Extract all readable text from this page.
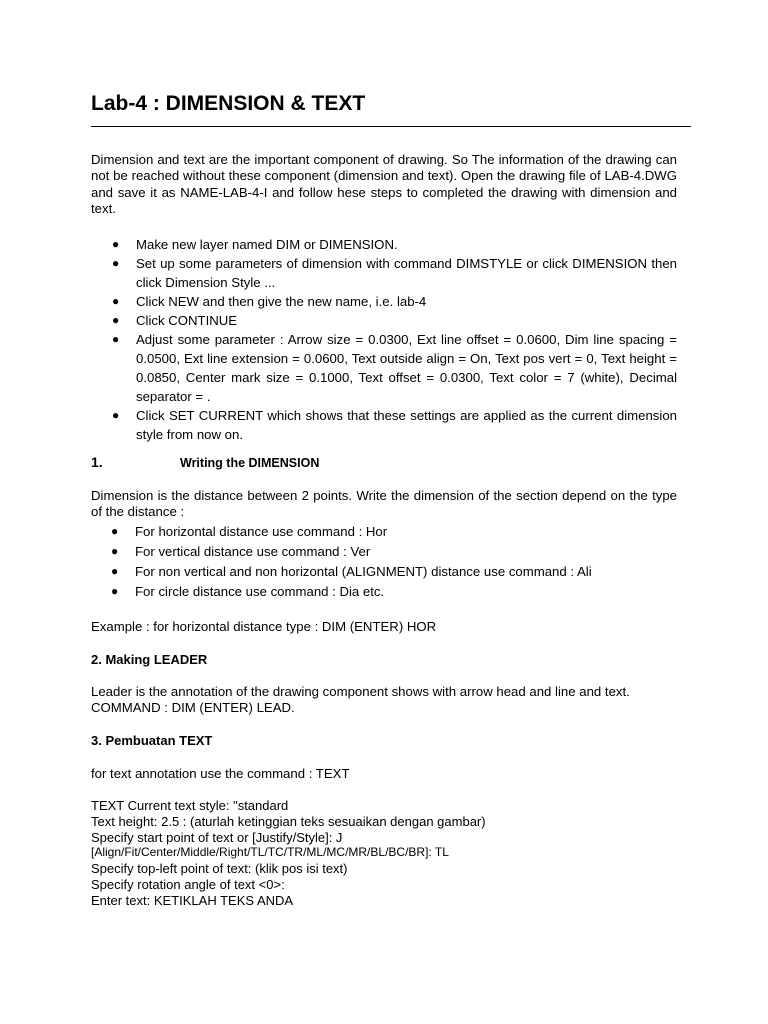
Lab-4 : DIMENSION & TEXT

Dimension and text are the important component of drawing. So The information of the drawing can not be reached without these component (dimension and text). Open the drawing file of LAB-4.DWG and save it as NAME-LAB-4-I and follow hese steps to completed the drawing with dimension and text.

● Make new layer named DIM or DIMENSION.
● Set up some parameters of dimension with command DIMSTYLE or click DIMENSION then click Dimension Style ...
● Click NEW and then give the new name, i.e. lab-4
● Click CONTINUE
● Adjust some parameter : Arrow size = 0.0300, Ext line offset = 0.0600, Dim line spacing = 0.0500, Ext line extension = 0.0600, Text outside align = On, Text pos vert = 0, Text height = 0.0850, Center mark size = 0.1000, Text offset = 0.0300, Text color = 7 (white), Decimal separator = .
● Click SET CURRENT which shows that these settings are applied as the current dimension style from now on.
1.	Writing the DIMENSION

Dimension is the distance between 2 points. Write the dimension of the section depend on the type of the distance :

● For horizontal distance use command : Hor
● For vertical distance use command : Ver
● For non vertical and non horizontal (ALIGNMENT) distance use command : Ali
● For circle distance use command : Dia etc.

Example : for horizontal distance type : DIM (ENTER) HOR

2. Making LEADER

Leader is the annotation of the drawing component shows with arrow head and line and text. COMMAND : DIM (ENTER) LEAD.

3. Pembuatan TEXT

for text annotation use the command : TEXT

TEXT Current text style: "standard
Text height: 2.5 : (aturlah ketinggian teks sesuaikan dengan gambar)
Specify start point of text or [Justify/Style]: J
[Align/Fit/Center/Middle/Right/TL/TC/TR/ML/MC/MR/BL/BC/BR]: TL
Specify top-left point of text: (klik pos isi text)
Specify rotation angle of text <0>:
Enter text: KETIKLAH TEKS ANDA
